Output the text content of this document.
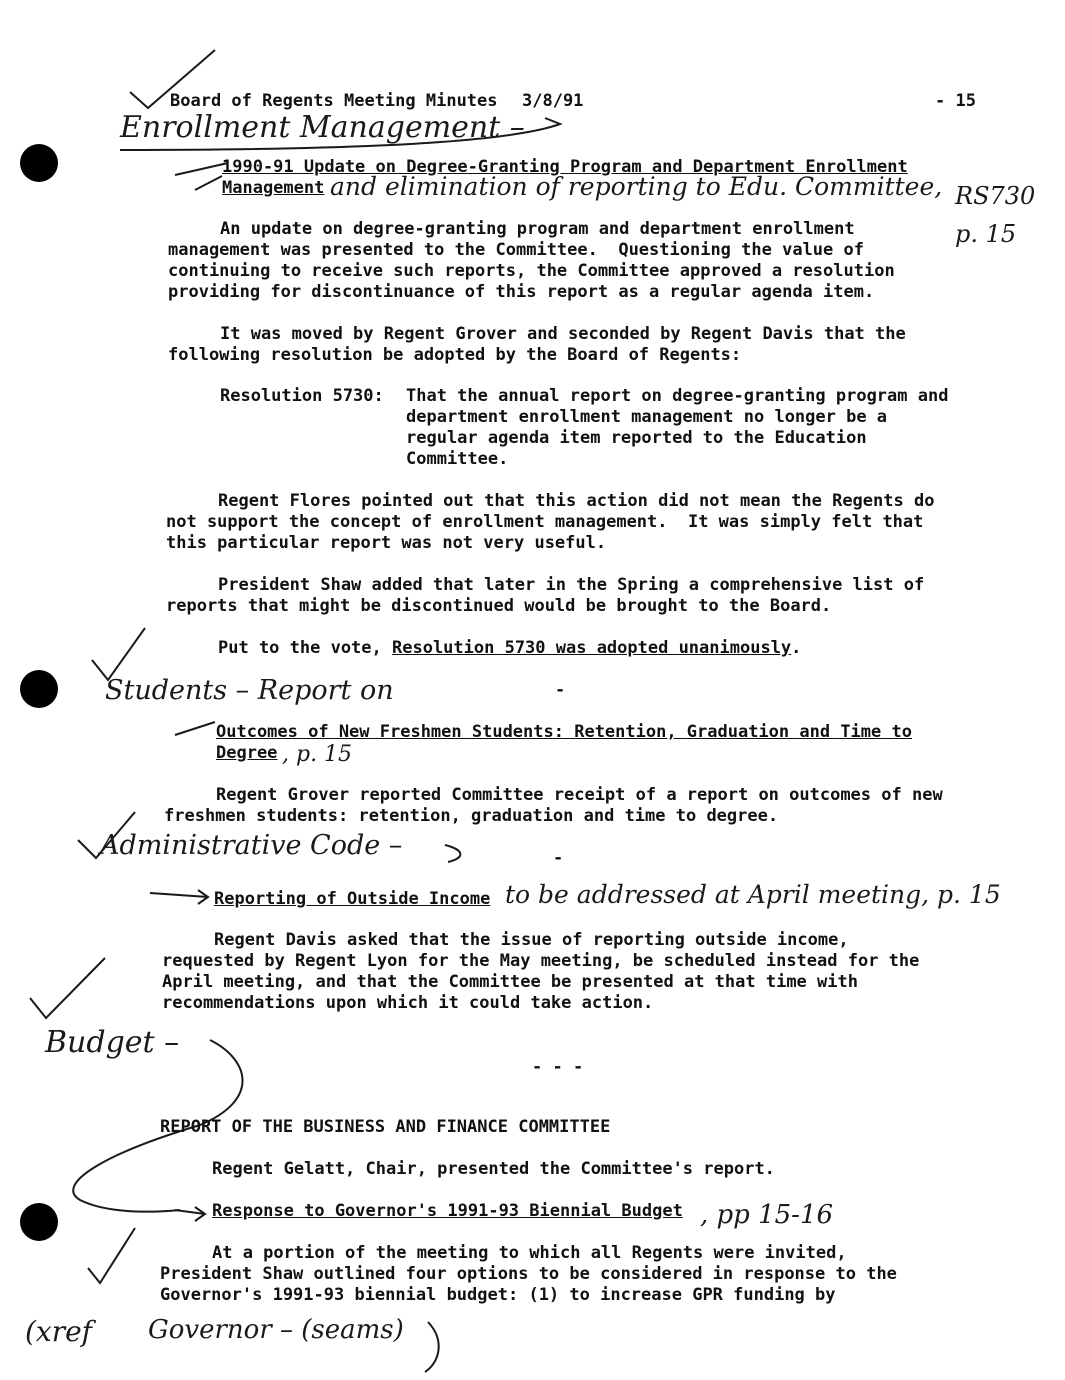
Board of Regents Meeting Minutes 3/8/91	- 15
Enrollment Management –
and elimination of reporting to Edu. Committee, RS730
p. 15
Students – Report on
, p. 15
Administrative Code –
to be addressed at April meeting, p. 15
Budget –
, pp 15-16
(xref Governor – (seams)
1990-91 Update on Degree-Granting Program and Department Enrollment
Management
An update on degree-granting program and department enrollment
management was presented to the Committee.  Questioning the value of
continuing to receive such reports, the Committee approved a resolution
providing for discontinuance of this report as a regular agenda item.
It was moved by Regent Grover and seconded by Regent Davis that the
following resolution be adopted by the Board of Regents:
Resolution 5730: That the annual report on degree-granting program and
department enrollment management no longer be a
regular agenda item reported to the Education
Committee.
Regent Flores pointed out that this action did not mean the Regents do
not support the concept of enrollment management.  It was simply felt that
this particular report was not very useful.
President Shaw added that later in the Spring a comprehensive list of
reports that might be discontinued would be brought to the Board.
Put to the vote, Resolution 5730 was adopted unanimously.
-
Outcomes of New Freshmen Students: Retention, Graduation and Time to
Degree
Regent Grover reported Committee receipt of a report on outcomes of new
freshmen students: retention, graduation and time to degree.
-
Reporting of Outside Income
Regent Davis asked that the issue of reporting outside income,
requested by Regent Lyon for the May meeting, be scheduled instead for the
April meeting, and that the Committee be presented at that time with
recommendations upon which it could take action.
- - -
REPORT OF THE BUSINESS AND FINANCE COMMITTEE
Regent Gelatt, Chair, presented the Committee's report.
Response to Governor's 1991-93 Biennial Budget
At a portion of the meeting to which all Regents were invited,
President Shaw outlined four options to be considered in response to the
Governor's 1991-93 biennial budget: (1) to increase GPR funding by
